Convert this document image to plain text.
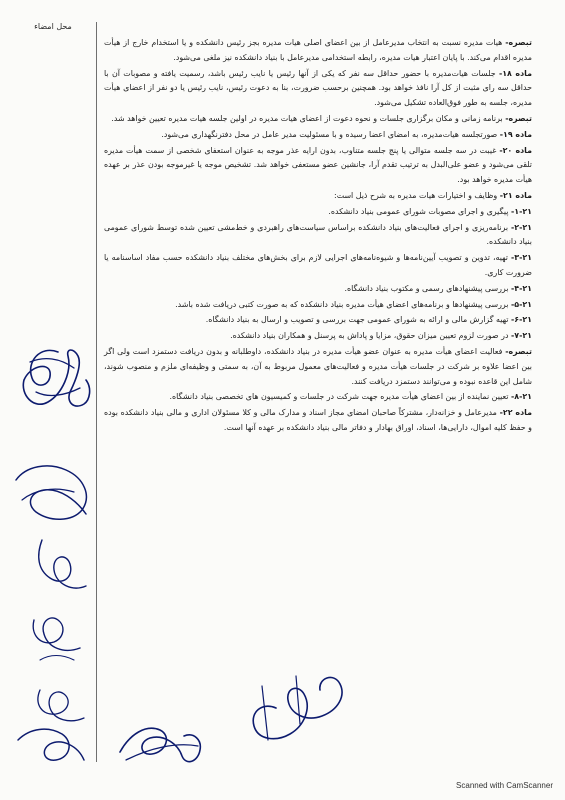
محل امضاء

تبصره- هیات مدیره نسبت به انتخاب مدیرعامل از بین اعضای اصلی هیات مدیره بجز رئیس دانشکده و یا استخدام خارج از هیأت مدیره اقدام می‌کند. با پایان اعتبار هیات مدیره، رابطه استخدامی مدیرعامل با بنیاد دانشکده نیز ملغی می‌شود.

ماده ۱۸- جلسات هیات‌مدیره با حضور حداقل سه نفر که یکی از آنها رئیس یا نایب رئیس باشد، رسمیت یافته و مصوبات آن با حداقل سه رای مثبت از کل آرا نافذ خواهد بود. همچنین برحسب ضرورت، بنا به دعوت رئیس، نایب رئیس یا دو نفر از اعضای هیأت مدیره، جلسه به طور فوق‌العاده تشکیل می‌شود.

تبصره- برنامه زمانی و مکان برگزاری جلسات و نحوه دعوت از اعضای هیات مدیره در اولین جلسه هیات مدیره تعیین خواهد شد.

ماده ۱۹- صورتجلسه هیات‌مدیره، به امضای اعضا رسیده و با مسئولیت مدیر عامل در محل دفترنگهداری می‌شود.

ماده ۲۰- غیبت در سه جلسه متوالی یا پنج جلسه متناوب، بدون ارایه عذر موجه به عنوان استعفای شخصی از سمت هیأت مدیره تلقی می‌شود و عضو علی‌البدل به ترتیب تقدم آرا، جانشین عضو مستعفی خواهد شد. تشخیص موجه یا غیرموجه بودن عذر بر عهده هیأت مدیره خواهد بود.

ماده ۲۱- وظایف و اختیارات هیات مدیره به شرح ذیل است:

۱-۲۱- پیگیری و اجرای مصوبات شورای عمومی بنیاد دانشکده.

۲-۲۱- برنامه‌ریزی و اجرای فعالیت‌های بنیاد دانشکده براساس سیاست‌های راهبردی و خط‌مشی تعیین شده توسط شورای عمومی بنیاد دانشکده.

۳-۲۱- تهیه، تدوین و تصویب آیین‌نامه‌ها و شیوه‌نامه‌های اجرایی لازم برای بخش‌های مختلف بنیاد دانشکده حسب مفاد اساسنامه یا ضرورت کاری.

۴-۲۱- بررسی پیشنهادهای رسمی و مکتوب بنیاد دانشگاه.

۵-۲۱- بررسی پیشنهادها و برنامه‌های اعضای هیأت مدیره بنیاد دانشکده که به صورت کتبی دریافت شده باشد.

۶-۲۱- تهیه گزارش مالی و ارائه به شورای عمومی جهت بررسی و تصویب و ارسال به بنیاد دانشگاه.

۷-۲۱- در صورت لزوم تعیین میزان حقوق، مزایا و پاداش به پرسنل و همکاران بنیاد دانشکده.

تبصره- فعالیت اعضای هیأت مدیره به عنوان عضو هیأت مدیره در بنیاد دانشکده، داوطلبانه و بدون دریافت دستمزد است ولی اگر بین اعضا علاوه بر شرکت در جلسات هیأت مدیره و فعالیت‌های معمول مربوط به آن، به سمتی و وظیفه‌ای ملزم و منصوب شوند، شامل این قاعده نبوده و می‌توانند دستمزد دریافت کنند.

۸-۲۱- تعیین نماینده از بین اعضای هیأت مدیره جهت شرکت در جلسات و کمیسیون های تخصصی بنیاد دانشگاه.

ماده ۲۲- مدیرعامل و خزانه‌دار، مشترکاً صاحبان امضای مجاز اسناد و مدارک مالی و کلا مسئولان اداری و مالی بنیاد دانشکده بوده و حفظ کلیه اموال، دارایی‌ها، اسناد، اوراق بهادار و دفاتر مالی بنیاد دانشکده بر عهده آنها است.

Scanned with CamScanner
